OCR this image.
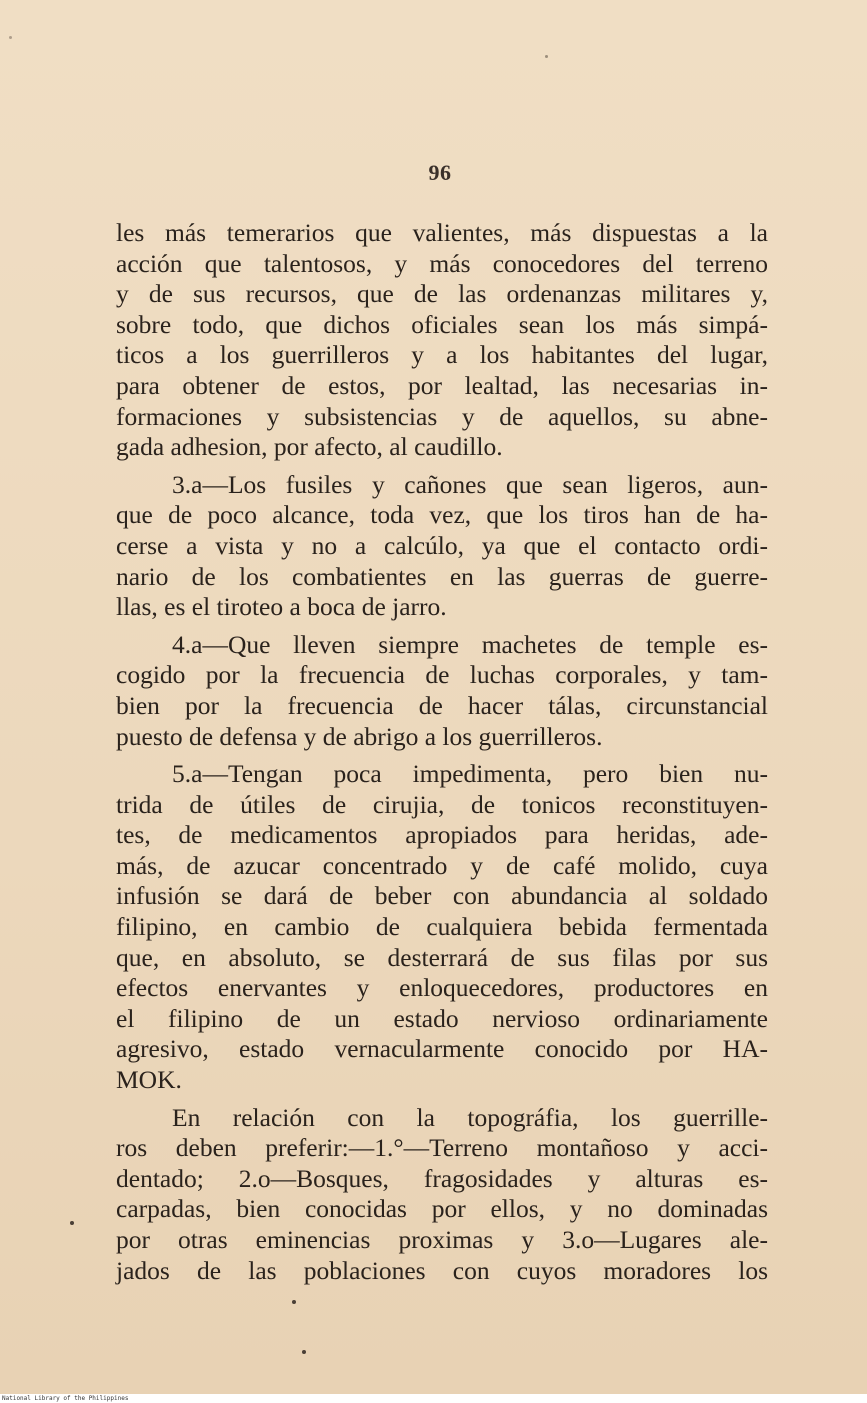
96
les más temerarios que valientes, más dispuestas a la
acción que talentosos, y más conocedores del terreno
y de sus recursos, que de las ordenanzas militares y,
sobre todo, que dichos oficiales sean los más simpá-
ticos a los guerrilleros y a los habitantes del lugar,
para obtener de estos, por lealtad, las necesarias in-
formaciones y subsistencias y de aquellos, su abne-
gada adhesion, por afecto, al caudillo.
3.a—Los fusiles y cañones que sean ligeros, aun-
que de poco alcance, toda vez, que los tiros han de ha-
cerse a vista y no a calcúlo, ya que el contacto ordi-
nario de los combatientes en las guerras de guerre-
llas, es el tiroteo a boca de jarro.
4.a—Que lleven siempre machetes de temple es-
cogido por la frecuencia de luchas corporales, y tam-
bien por la frecuencia de hacer tálas, circunstancial
puesto de defensa y de abrigo a los guerrilleros.
5.a—Tengan poca impedimenta, pero bien nu-
trida de útiles de cirujia, de tonicos reconstituyen-
tes, de medicamentos apropiados para heridas, ade-
más, de azucar concentrado y de café molido, cuya
infusión se dará de beber con abundancia al soldado
filipino, en cambio de cualquiera bebida fermentada
que, en absoluto, se desterrará de sus filas por sus
efectos enervantes y enloquecedores, productores en
el filipino de un estado nervioso ordinariamente
agresivo, estado vernacularmente conocido por HA-
MOK.
En relación con la topográfia, los guerrille-
ros deben preferir:—1.°—Terreno montañoso y acci-
dentado; 2.o—Bosques, fragosidades y alturas es-
carpadas, bien conocidas por ellos, y no dominadas
por otras eminencias proximas y 3.o—Lugares ale-
jados de las poblaciones con cuyos moradores los
National Library of the Philippines
